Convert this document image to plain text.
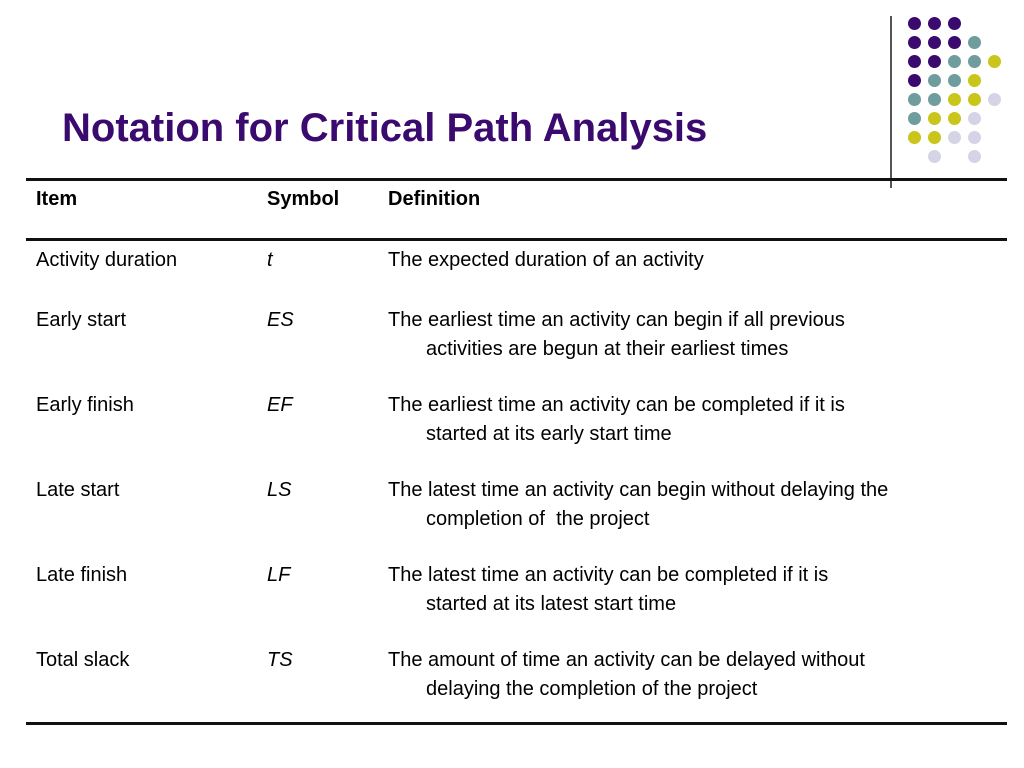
Notation for Critical Path Analysis
Item	Symbol Definition
Activity duration	t	The expected duration of an activity
Early start	ES	The earliest time an activity can begin if all previous
activities are begun at their earliest times
Early finish	EF	The earliest time an activity can be completed if it is
started at its early start time
Late start	LS	The latest time an activity can begin without delaying the
completion of  the project
Late finish	LF	The latest time an activity can be completed if it is
started at its latest start time
Total slack	TS	The amount of time an activity can be delayed without
delaying the completion of the project
